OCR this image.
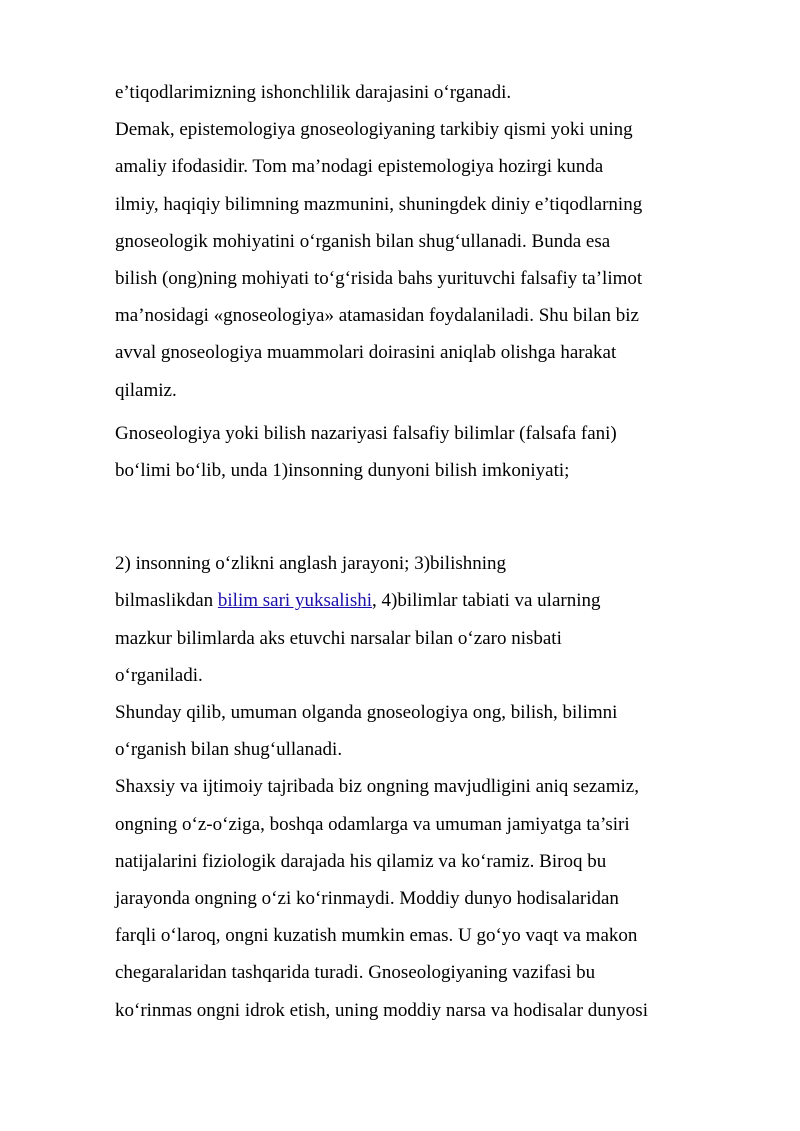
e’tiqodlarimizning ishonchlilik darajasini o‘rganadi.
Demak, epistemologiya gnoseologiyaning tarkibiy qismi yoki uning
amaliy ifodasidir. Tom ma’nodagi epistemologiya hozirgi kunda
ilmiy, haqiqiy bilimning mazmunini, shuningdek diniy e’tiqodlarning
gnoseologik mohiyatini o‘rganish bilan shug‘ullanadi. Bunda esa
bilish (ong)ning mohiyati to‘g‘risida bahs yurituvchi falsafiy ta’limot
ma’nosidagi «gnoseologiya» atamasidan foydalaniladi. Shu bilan biz
avval gnoseologiya muammolari doirasini aniqlab olishga harakat
qilamiz.
Gnoseologiya yoki bilish nazariyasi falsafiy bilimlar (falsafa fani)
bo‘limi bo‘lib, unda 1)insonning dunyoni bilish imkoniyati;
2) insonning o‘zlikni anglash jarayoni; 3)bilishning
bilmaslikdan bilim sari yuksalishi, 4)bilimlar tabiati va ularning
mazkur bilimlarda aks etuvchi narsalar bilan o‘zaro nisbati
o‘rganiladi.
Shunday qilib, umuman olganda gnoseologiya ong, bilish, bilimni
o‘rganish bilan shug‘ullanadi.
Shaxsiy va ijtimoiy tajribada biz ongning mavjudligini aniq sezamiz,
ongning o‘z-o‘ziga, boshqa odamlarga va umuman jamiyatga ta’siri
natijalarini fiziologik darajada his qilamiz va ko‘ramiz. Biroq bu
jarayonda ongning o‘zi ko‘rinmaydi. Moddiy dunyo hodisalaridan
farqli o‘laroq, ongni kuzatish mumkin emas. U go‘yo vaqt va makon
chegaralaridan tashqarida turadi. Gnoseologiyaning vazifasi bu
ko‘rinmas ongni idrok etish, uning moddiy narsa va hodisalar dunyosi
